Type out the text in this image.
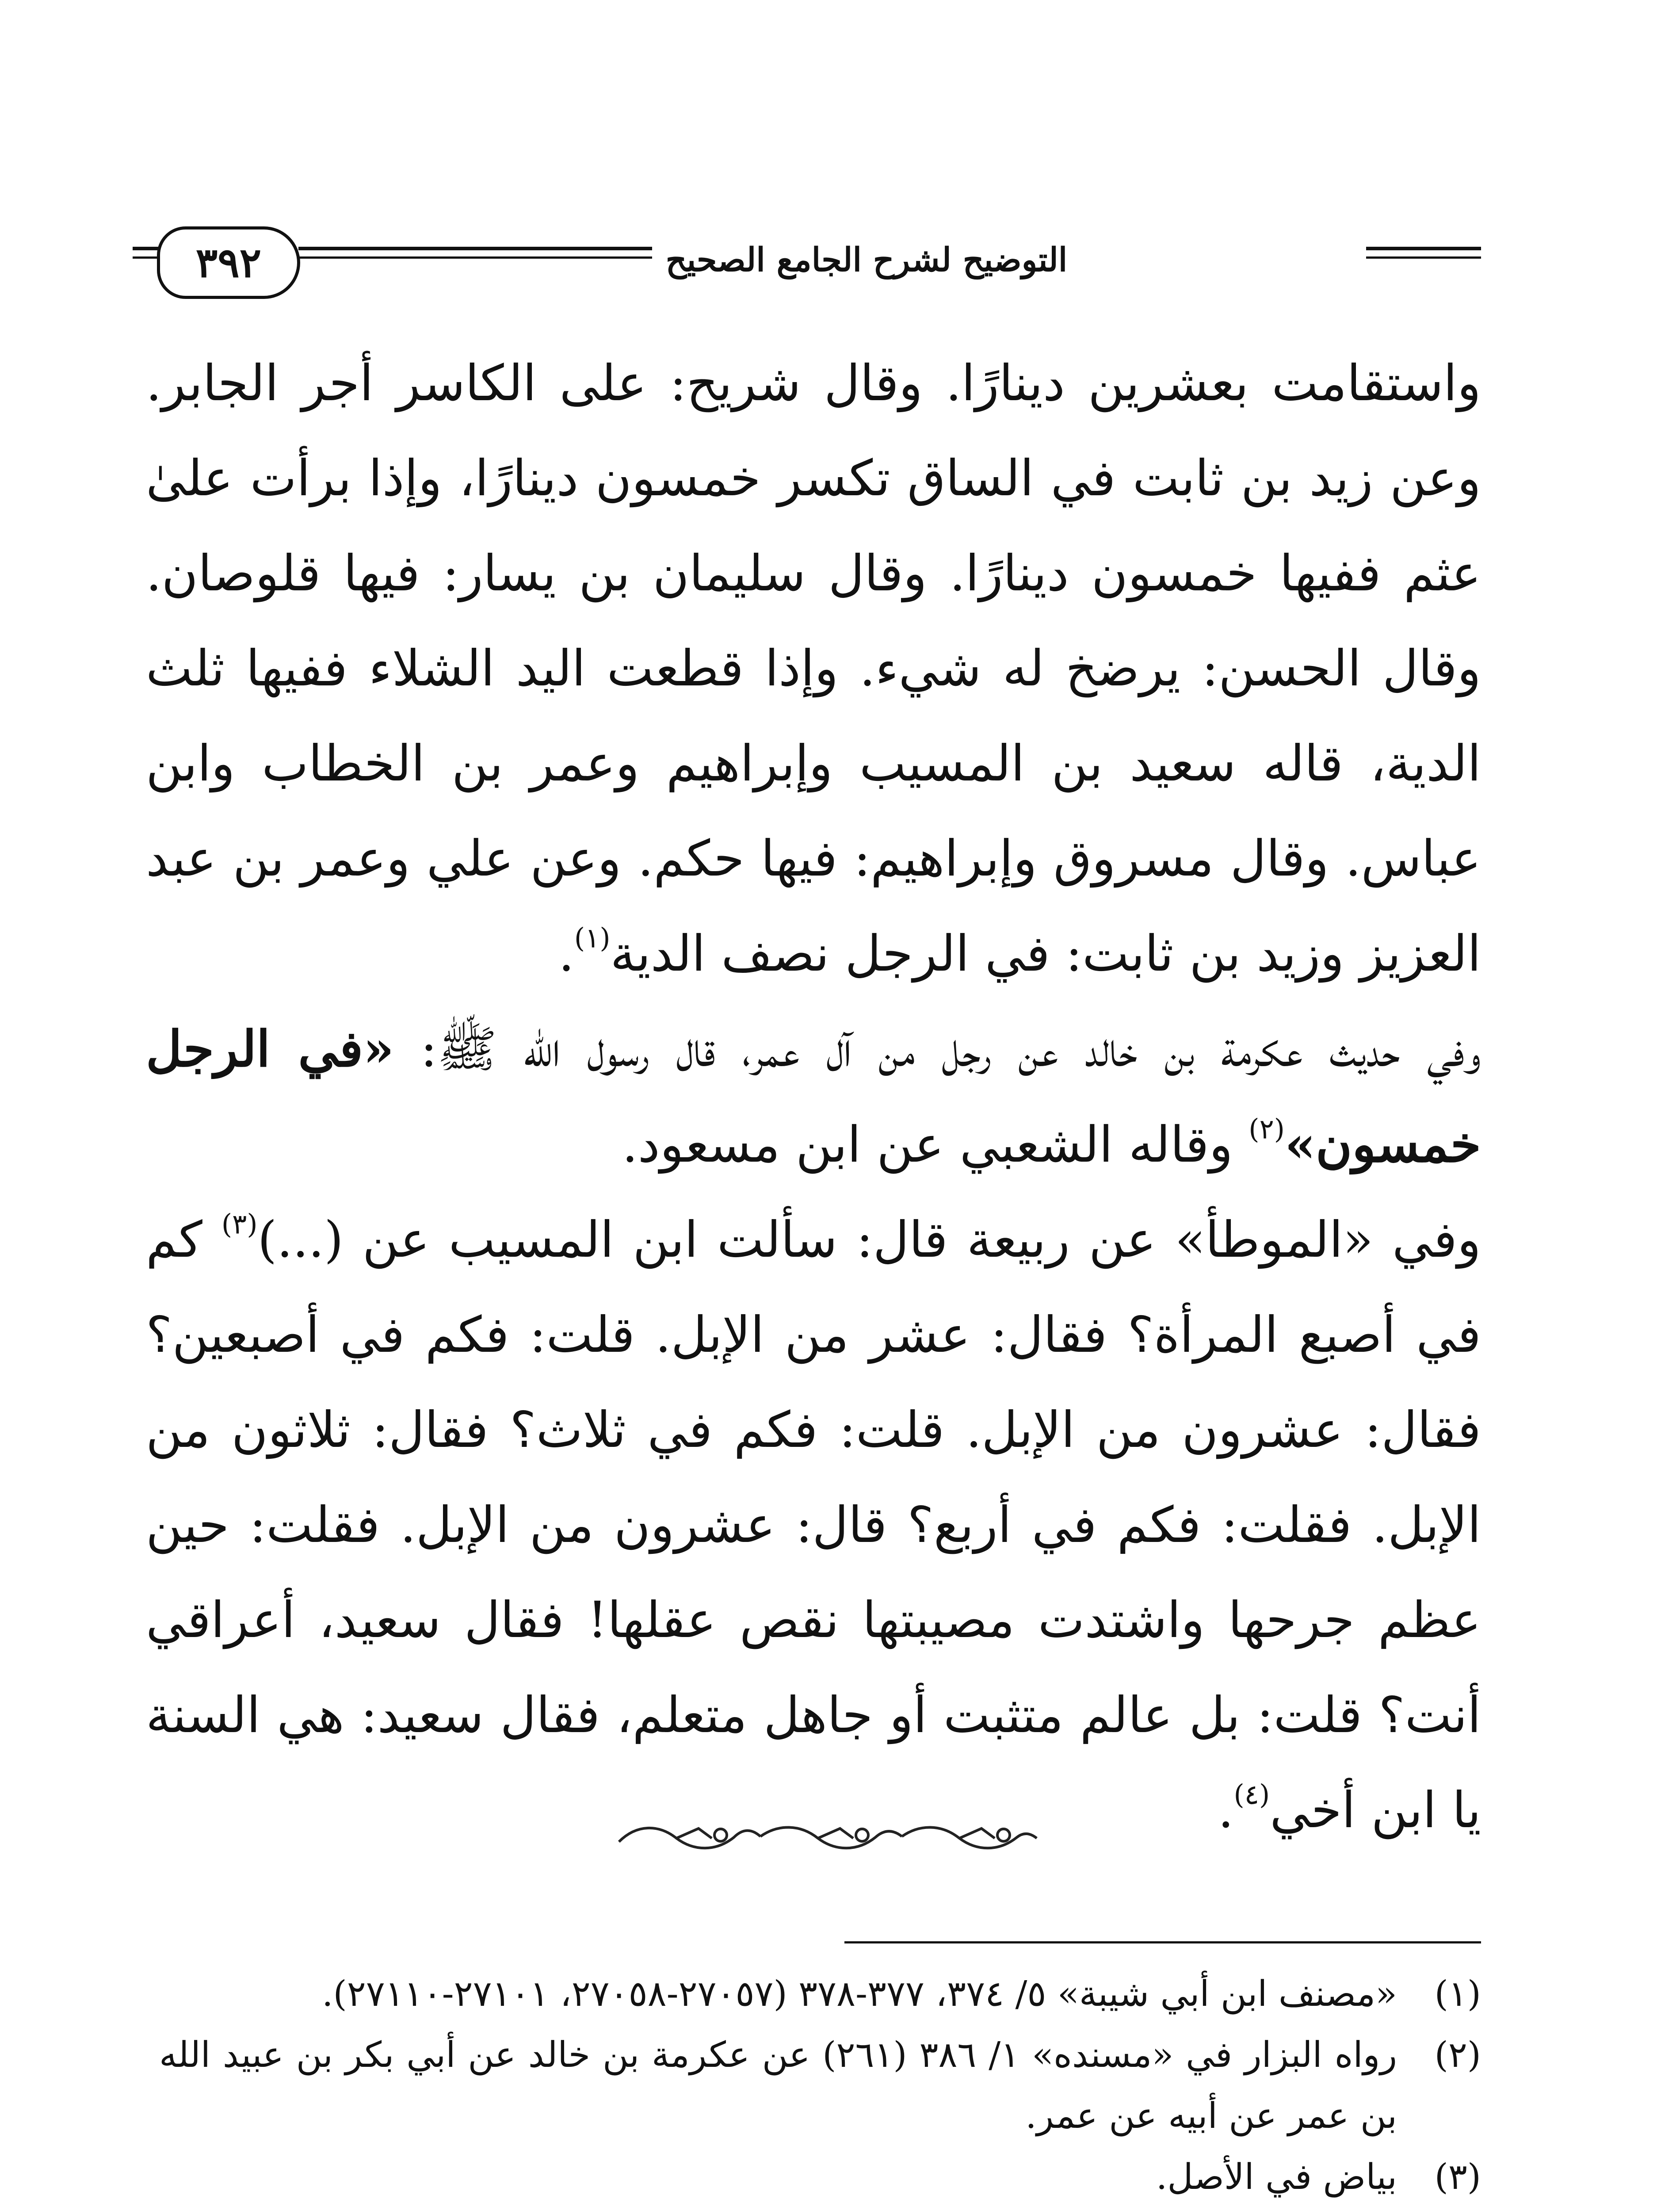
٣٩٢	التوضيح لشرح الجامع الصحيح

واستقامت بعشرين دينارًا. وقال شريح: على الكاسر أجر الجابر. وعن زيد بن ثابت في الساق تكسر خمسون دينارًا، وإذا برأت علىٰ عثم ففيها خمسون دينارًا. وقال سليمان بن يسار: فيها قلوصان. وقال الحسن: يرضخ له شيء. وإذا قطعت اليد الشلاء ففيها ثلث الدية، قاله سعيد بن المسيب وإبراهيم وعمر بن الخطاب وابن عباس. وقال مسروق وإبراهيم: فيها حكم. وعن علي وعمر بن عبد العزيز وزيد بن ثابت: في الرجل نصف الدية$^{(١)}$.

وفي حديث عكرمة بن خالد عن رجل من آل عمر، قال رسول الله ﷺ: «في الرجل خمسون»$^{(٢)}$ وقاله الشعبي عن ابن مسعود.

وفي «الموطأ» عن ربيعة قال: سألت ابن المسيب عن (...)$^{(٣)}$ كم في أصبع المرأة؟ فقال: عشر من الإبل. قلت: فكم في أصبعين؟ فقال: عشرون من الإبل. قلت: فكم في ثلاث؟ فقال: ثلاثون من الإبل. فقلت: فكم في أربع؟ قال: عشرون من الإبل. فقلت: حين عظم جرحها واشتدت مصيبتها نقص عقلها! فقال سعيد، أعراقي أنت؟ قلت: بل عالم متثبت أو جاهل متعلم، فقال سعيد: هي السنة يا ابن أخي$^{(٤)}$.

(١)
«مصنف ابن أبي شيبة» ٥/ ٣٧٤، ٣٧٧-٣٧٨ (٢٧٠٥٧-٢٧٠٥٨، ٢٧١٠١-٢٧١١٠).
(٢)
رواه البزار في «مسنده» ١/ ٣٨٦ (٢٦١) عن عكرمة بن خالد عن أبي بكر بن عبيد الله بن عمر عن أبيه عن عمر.
(٣)
بياض في الأصل.
